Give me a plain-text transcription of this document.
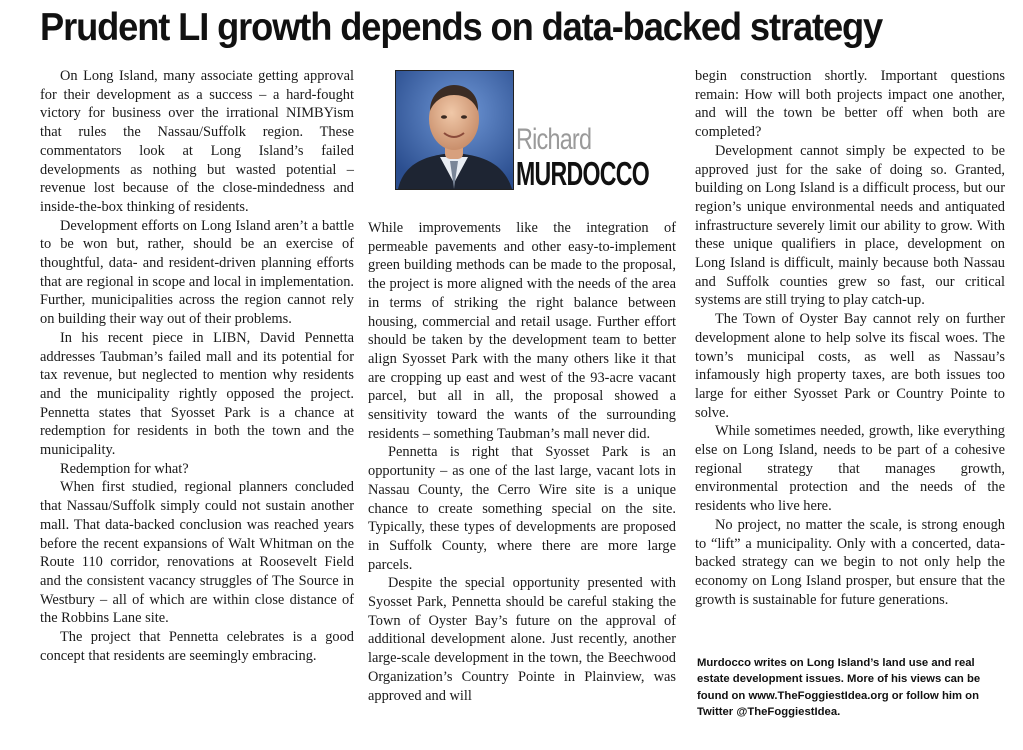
Prudent LI growth depends on data-backed strategy

On Long Island, many associate getting approval for their development as a success – a hard-fought victory for business over the irrational NIMBYism that rules the Nassau/Suffolk region. These commentators look at Long Island’s failed developments as nothing but wasted potential – revenue lost because of the close-mindedness and inside-the-box thinking of residents.

Development efforts on Long Island aren’t a battle to be won but, rather, should be an exercise of thoughtful, data- and resident-driven planning efforts that are regional in scope and local in implementation. Further, municipalities across the region cannot rely on building their way out of their problems.

In his recent piece in LIBN, David Pennetta addresses Taubman’s failed mall and its potential for tax revenue, but neglected to mention why residents and the municipality rightly opposed the project. Pennetta states that Syosset Park is a chance at redemption for residents in both the town and the municipality.

Redemption for what?

When first studied, regional planners concluded that Nassau/Suffolk simply could not sustain another mall. That data-backed conclusion was reached years before the recent expansions of Walt Whitman on the Route 110 corridor, renovations at Roosevelt Field and the consistent vacancy struggles of The Source in Westbury – all of which are within close distance of the Robbins Lane site.

The project that Pennetta celebrates is a good concept that residents are seemingly embracing.

Richard
MURDOCCO

While improvements like the integration of permeable pavements and other easy-to-implement green building methods can be made to the proposal, the project is more aligned with the needs of the area in terms of striking the right balance between housing, commercial and retail usage. Further effort should be taken by the development team to better align Syosset Park with the many others like it that are cropping up east and west of the 93-acre vacant parcel, but all in all, the proposal showed a sensitivity toward the wants of the surrounding residents – something Taubman’s mall never did.

Pennetta is right that Syosset Park is an opportunity – as one of the last large, vacant lots in Nassau County, the Cerro Wire site is a unique chance to create something special on the site. Typically, these types of developments are proposed in Suffolk County, where there are more large parcels.

Despite the special opportunity presented with Syosset Park, Pennetta should be careful staking the Town of Oyster Bay’s future on the approval of additional development alone. Just recently, another large-scale development in the town, the Beechwood Organization’s Country Pointe in Plainview, was approved and will

begin construction shortly. Important questions remain: How will both projects impact one another, and will the town be better off when both are completed?

Development cannot simply be expected to be approved just for the sake of doing so. Granted, building on Long Island is a difficult process, but our region’s unique environmental needs and antiquated infrastructure severely limit our ability to grow. With these unique qualifiers in place, development on Long Island is difficult, mainly because both Nassau and Suffolk counties grew so fast, our critical systems are still trying to play catch-up.

The Town of Oyster Bay cannot rely on further development alone to help solve its fiscal woes. The town’s municipal costs, as well as Nassau’s infamously high property taxes, are both issues too large for either Syosset Park or Country Pointe to solve.

While sometimes needed, growth, like everything else on Long Island, needs to be part of a cohesive regional strategy that manages growth, environmental protection and the needs of the residents who live here.

No project, no matter the scale, is strong enough to “lift” a municipality. Only with a concerted, data-backed strategy can we begin to not only help the economy on Long Island prosper, but ensure that the growth is sustainable for future generations.

Murdocco writes on Long Island’s land use and real estate development issues. More of his views can be found on www.TheFoggiestIdea.org or follow him on Twitter @TheFoggiestIdea.
